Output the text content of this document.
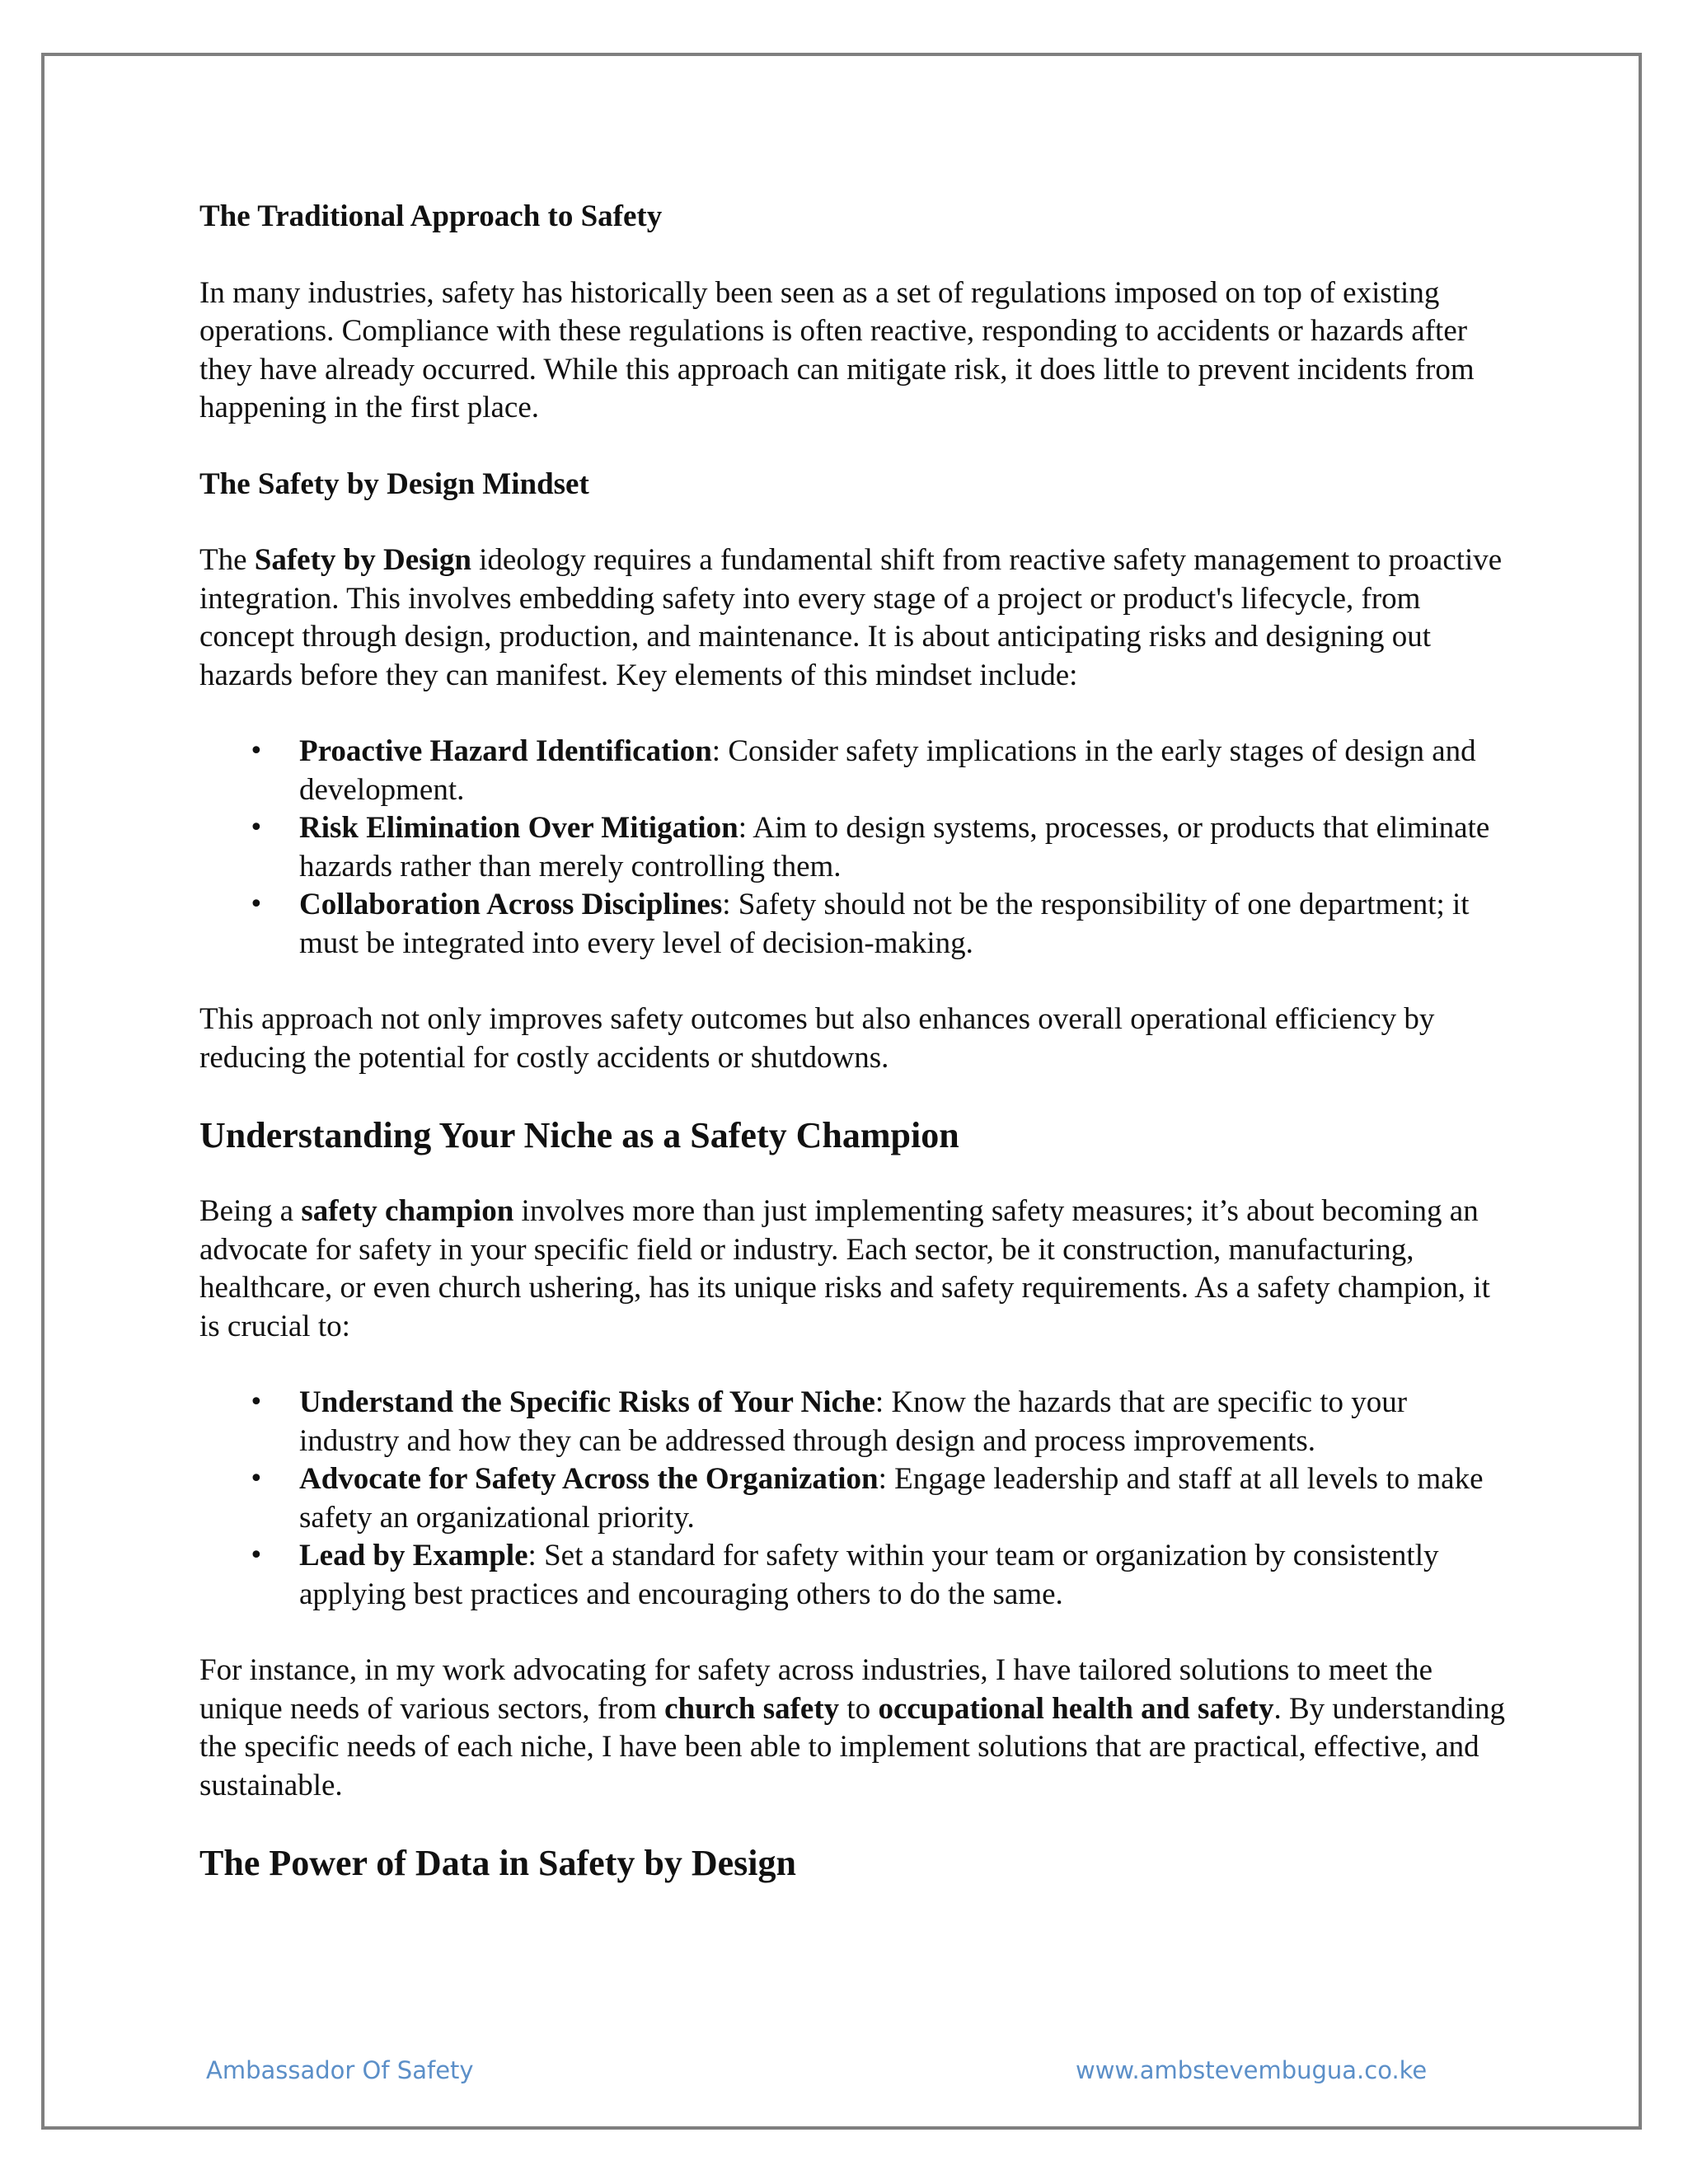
The Traditional Approach to Safety

In many industries, safety has historically been seen as a set of regulations imposed on top of existing operations. Compliance with these regulations is often reactive, responding to accidents or hazards after they have already occurred. While this approach can mitigate risk, it does little to prevent incidents from happening in the first place.

The Safety by Design Mindset

The Safety by Design ideology requires a fundamental shift from reactive safety management to proactive integration. This involves embedding safety into every stage of a project or product's lifecycle, from concept through design, production, and maintenance. It is about anticipating risks and designing out hazards before they can manifest. Key elements of this mindset include:

• Proactive Hazard Identification: Consider safety implications in the early stages of design and development.
• Risk Elimination Over Mitigation: Aim to design systems, processes, or products that eliminate hazards rather than merely controlling them.
• Collaboration Across Disciplines: Safety should not be the responsibility of one department; it must be integrated into every level of decision-making.

This approach not only improves safety outcomes but also enhances overall operational efficiency by reducing the potential for costly accidents or shutdowns.

Understanding Your Niche as a Safety Champion

Being a safety champion involves more than just implementing safety measures; it’s about becoming an advocate for safety in your specific field or industry. Each sector, be it construction, manufacturing, healthcare, or even church ushering, has its unique risks and safety requirements. As a safety champion, it is crucial to:

• Understand the Specific Risks of Your Niche: Know the hazards that are specific to your industry and how they can be addressed through design and process improvements.
• Advocate for Safety Across the Organization: Engage leadership and staff at all levels to make safety an organizational priority.
• Lead by Example: Set a standard for safety within your team or organization by consistently applying best practices and encouraging others to do the same.

For instance, in my work advocating for safety across industries, I have tailored solutions to meet the unique needs of various sectors, from church safety to occupational health and safety. By understanding the specific needs of each niche, I have been able to implement solutions that are practical, effective, and sustainable.

The Power of Data in Safety by Design
Ambassador Of Safety	www.ambstevembugua.co.ke
